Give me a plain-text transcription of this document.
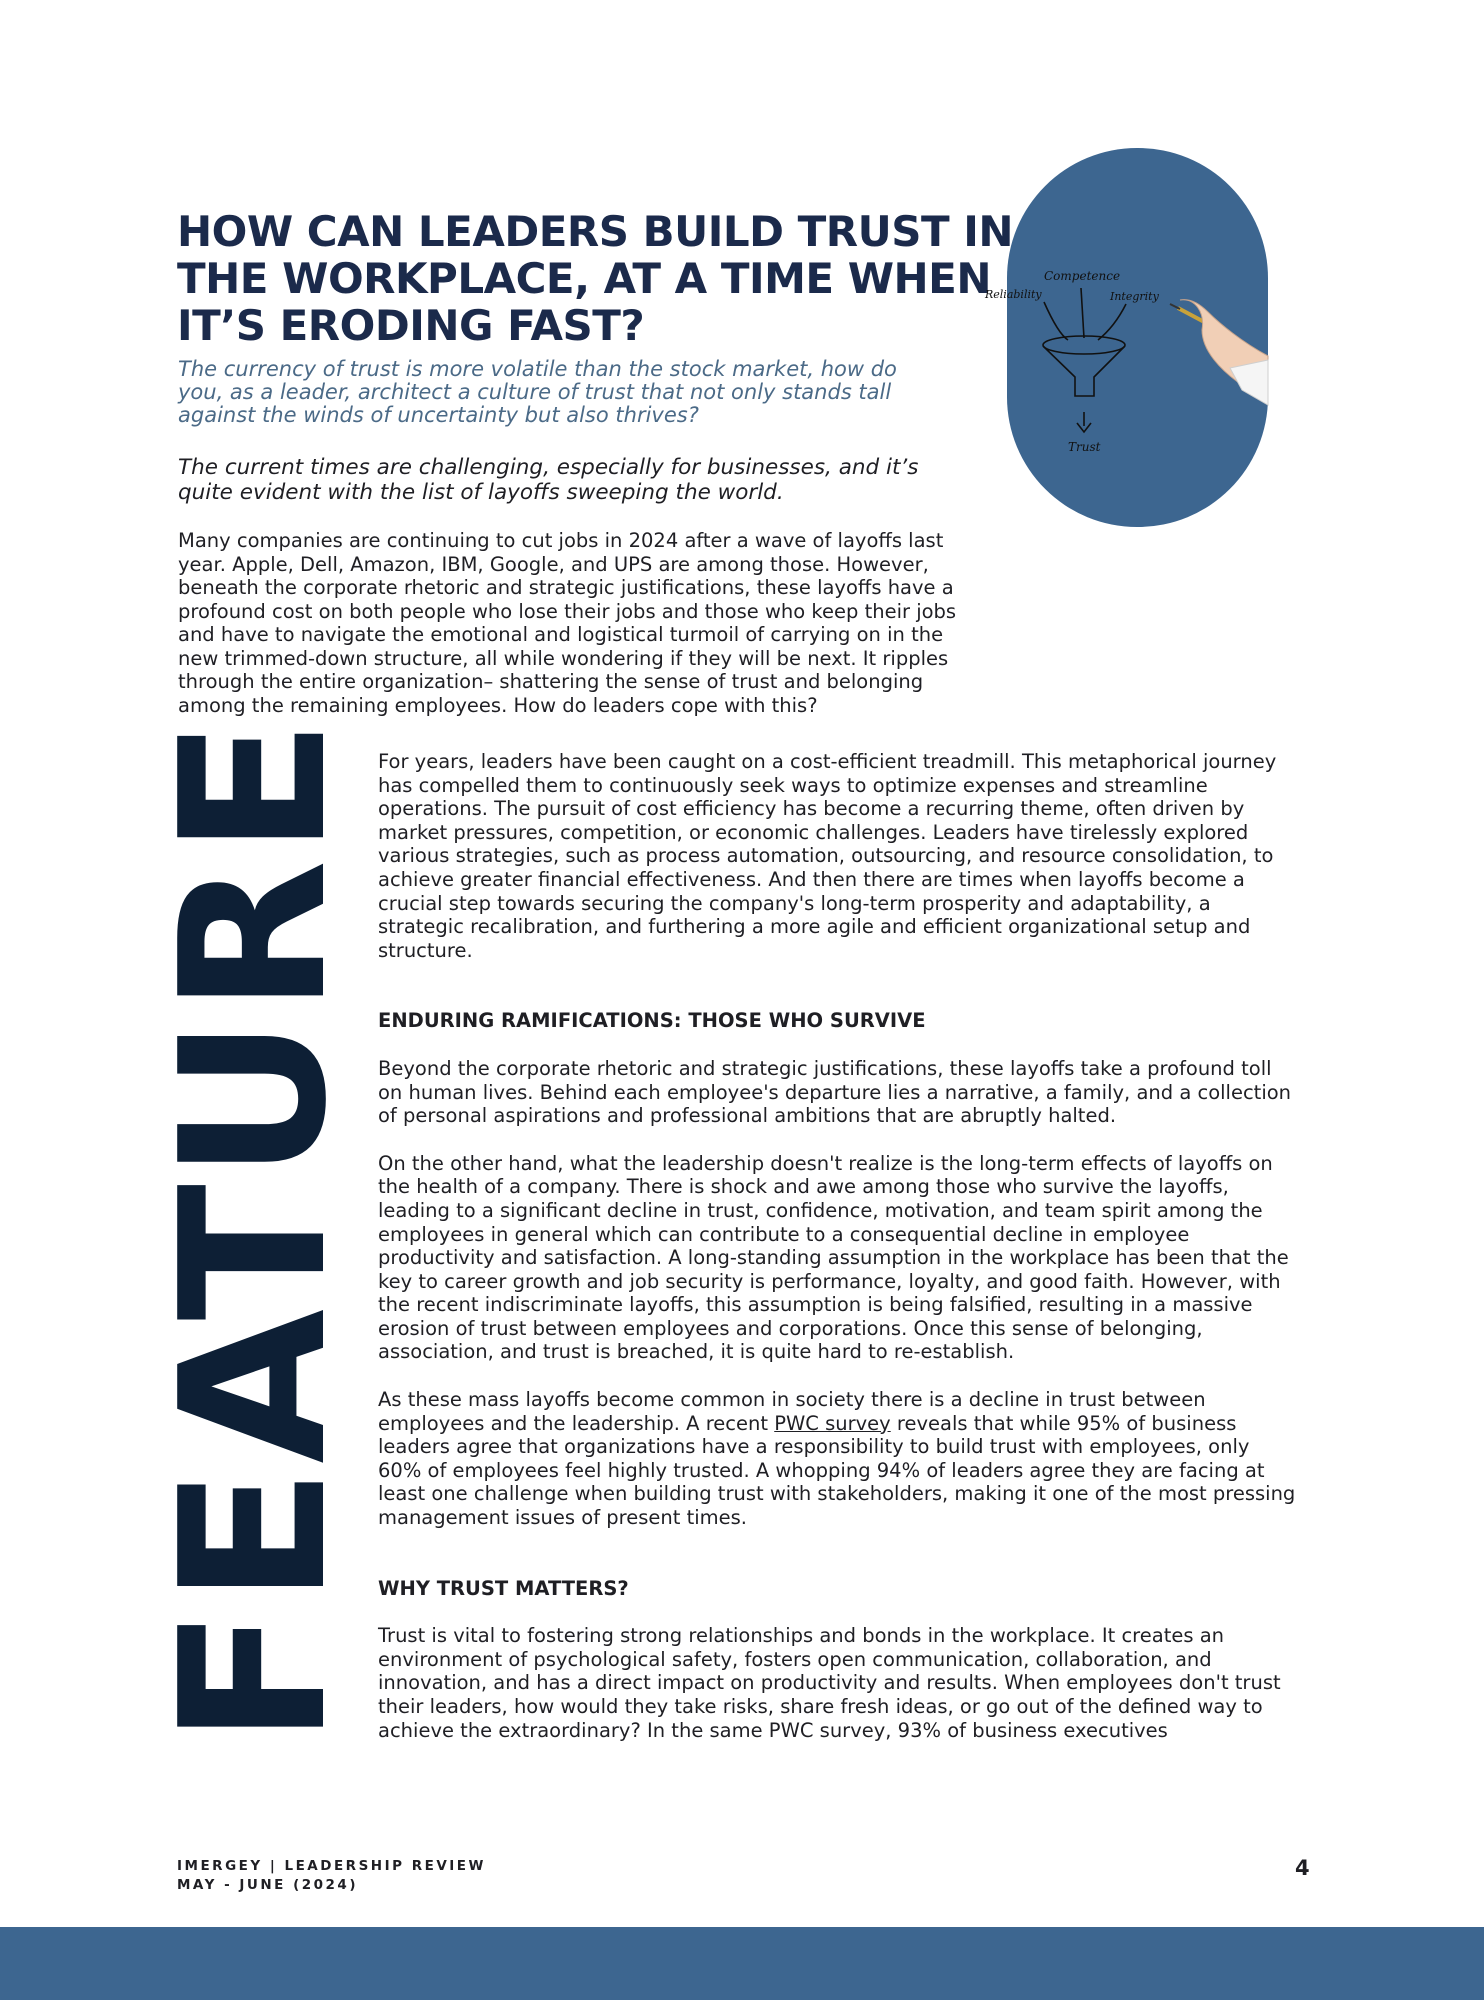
HOW CAN LEADERS BUILD TRUST IN
THE WORKPLACE, AT A TIME WHEN
IT’S ERODING FAST?

The currency of trust is more volatile than the stock market, how do you, as a leader, architect a culture of trust that not only stands tall against the winds of uncertainty but also thrives?

The current times are challenging, especially for businesses, and it’s quite evident with the list of layoffs sweeping the world.

Many companies are continuing to cut jobs in 2024 after a wave of layoffs last year. Apple, Dell, Amazon, IBM, Google, and UPS are among those. However, beneath the corporate rhetoric and strategic justifications, these layoffs have a profound cost on both people who lose their jobs and those who keep their jobs and have to navigate the emotional and logistical turmoil of carrying on in the new trimmed-down structure, all while wondering if they will be next. It ripples through the entire organization– shattering the sense of trust and belonging among the remaining employees. How do leaders cope with this?

Competence
Reliability	Integrity
Trust
FEATURE For years, leaders have been caught on a cost-efficient treadmill. This metaphorical journey has compelled them to continuously seek ways to optimize expenses and streamline operations. The pursuit of cost efficiency has become a recurring theme, often driven by market pressures, competition, or economic challenges. Leaders have tirelessly explored various strategies, such as process automation, outsourcing, and resource consolidation, to achieve greater financial effectiveness. And then there are times when layoffs become a crucial step towards securing the company's long-term prosperity and adaptability, a strategic recalibration, and furthering a more agile and efficient organizational setup and structure.

ENDURING RAMIFICATIONS: THOSE WHO SURVIVE

Beyond the corporate rhetoric and strategic justifications, these layoffs take a profound toll on human lives. Behind each employee's departure lies a narrative, a family, and a collection of personal aspirations and professional ambitions that are abruptly halted.

On the other hand, what the leadership doesn't realize is the long-term effects of layoffs on the health of a company. There is shock and awe among those who survive the layoffs, leading to a significant decline in trust, confidence, motivation, and team spirit among the employees in general which can contribute to a consequential decline in employee productivity and satisfaction. A long-standing assumption in the workplace has been that the key to career growth and job security is performance, loyalty, and good faith. However, with the recent indiscriminate layoffs, this assumption is being falsified, resulting in a massive erosion of trust between employees and corporations. Once this sense of belonging, association, and trust is breached, it is quite hard to re-establish.

As these mass layoffs become common in society there is a decline in trust between employees and the leadership. A recent PWC survey reveals that while 95% of business leaders agree that organizations have a responsibility to build trust with employees, only 60% of employees feel highly trusted. A whopping 94% of leaders agree they are facing at least one challenge when building trust with stakeholders, making it one of the most pressing management issues of present times.

WHY TRUST MATTERS?

Trust is vital to fostering strong relationships and bonds in the workplace. It creates an environment of psychological safety, fosters open communication, collaboration, and innovation, and has a direct impact on productivity and results. When employees don't trust their leaders, how would they take risks, share fresh ideas, or go out of the defined way to achieve the extraordinary? In the same PWC survey, 93% of business executives

IMERGEY | LEADERSHIP REVIEW
MAY - JUNE (2024)
4
